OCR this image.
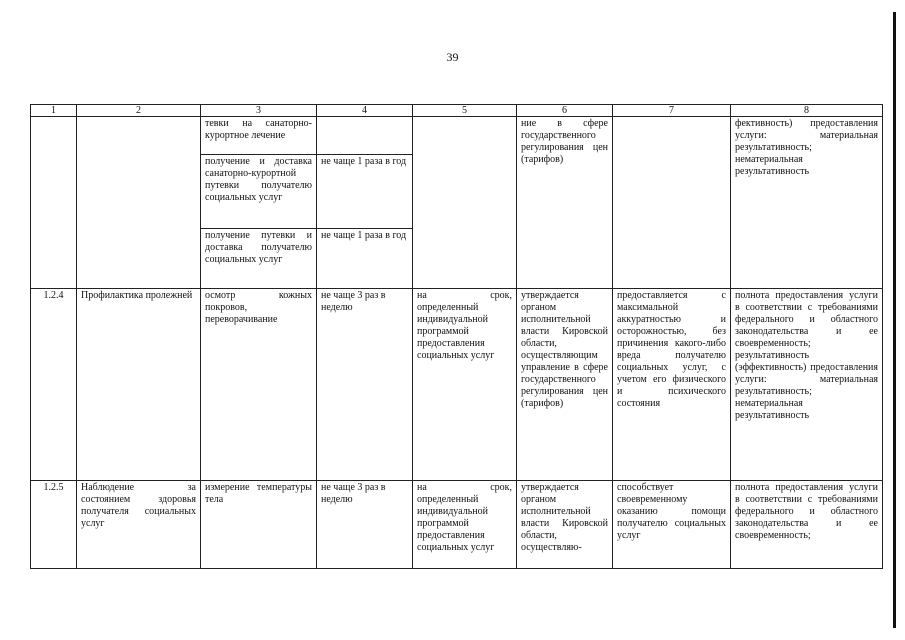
39
1	2	3	4	5	6	7	8
		тевки на санаторно-курортное лечение			ние в сфере государственного регулирования цен (тарифов)		фективность) предоставления услуги: материальная результативность; нематериальная результативность
		получение и доставка санаторно-курортной путевки получателю социальных услуг	не чаще 1 раза в год				
		получение путевки и доставка получателю социальных услуг	не чаще 1 раза в год				
1.2.4	Профилактика пролежней	осмотр кожных покровов, переворачивание	не чаще 3 раз в неделю	на срок, определенный индивидуальной программой предоставления социальных услуг	утверждается органом исполнительной власти Кировской области, осуществляющим управление в сфере государственного регулирования цен (тарифов)	предоставляется с максимальной аккуратностью и осторожностью, без причинения какого-либо вреда получателю социальных услуг, с учетом его физического и психического состояния	полнота предоставления услуги в соответствии с требованиями федерального и областного законодательства и ее своевременность; результативность (эффективность) предоставления услуги: материальная результативность; нематериальная результативность
1.2.5	Наблюдение за состоянием здоровья получателя социальных услуг	измерение температуры тела	не чаще 3 раз в неделю	на срок, определенный индивидуальной программой предоставления социальных услуг	утверждается органом исполнительной власти Кировской области, осуществляю-	способствует своевременному оказанию помощи получателю социальных услуг	полнота предоставления услуги в соответствии с требованиями федерального и областного законодательства и ее своевременность;
